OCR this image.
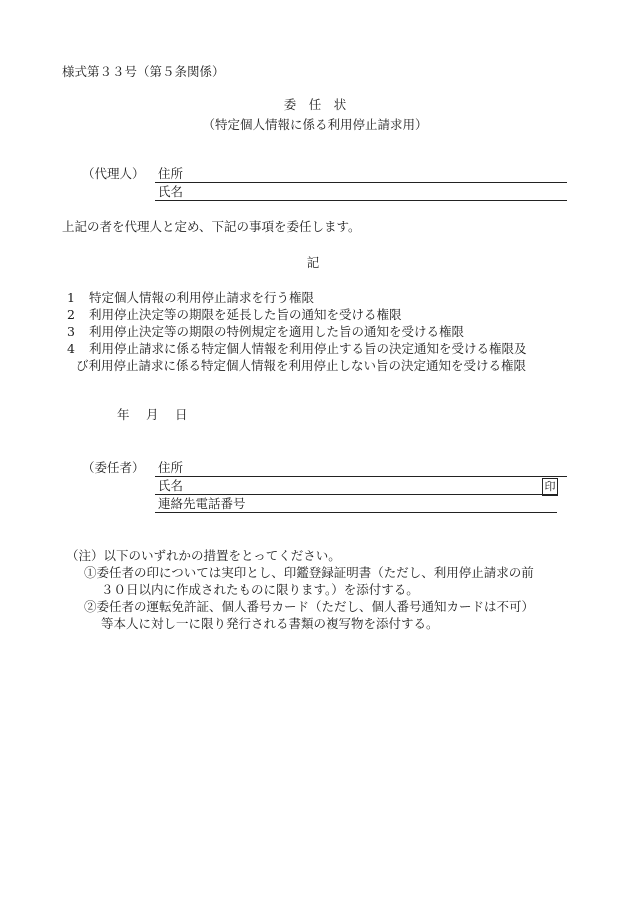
様式第３３号（第５条関係）
委　任　状
（特定個人情報に係る利用停止請求用）
（代理人） 住所
氏名
上記の者を代理人と定め、下記の事項を委任します。
記
1 特定個人情報の利用停止請求を行う権限
2 利用停止決定等の期限を延長した旨の通知を受ける権限
3 利用停止決定等の期限の特例規定を適用した旨の通知を受ける権限
4 利用停止請求に係る特定個人情報を利用停止する旨の決定通知を受ける権限及
び利用停止請求に係る特定個人情報を利用停止しない旨の決定通知を受ける権限
年　月　日
（委任者） 住所
氏名	印
連絡先電話番号
（注）以下のいずれかの措置をとってください。
①委任者の印については実印とし、印鑑登録証明書（ただし、利用停止請求の前
３０日以内に作成されたものに限ります。）を添付する。
②委任者の運転免許証、個人番号カード（ただし、個人番号通知カードは不可）
等本人に対し一に限り発行される書類の複写物を添付する。
